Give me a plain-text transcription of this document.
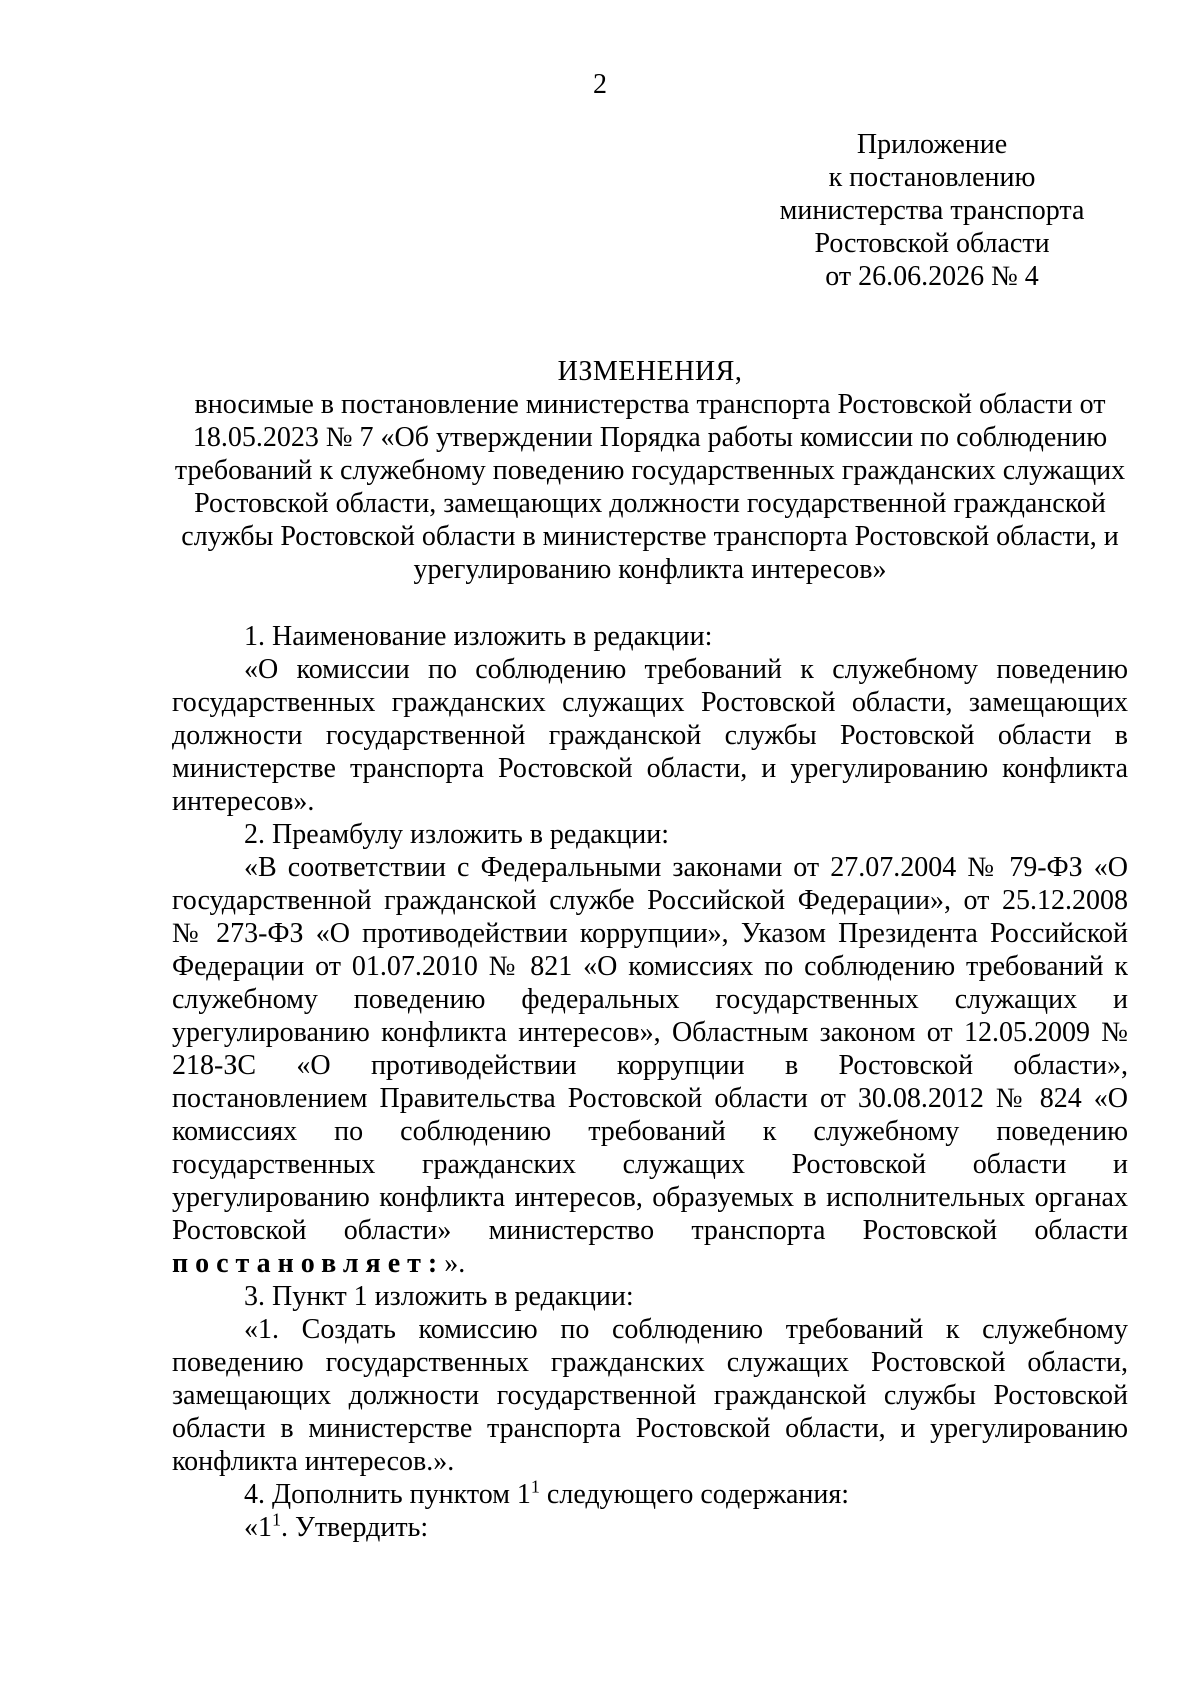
2
Приложение
к постановлению
министерства транспорта
Ростовской области
от 26.06.2026 № 4
ИЗМЕНЕНИЯ,

вносимые в постановление министерства транспорта Ростовской области от 18.05.2023 № 7 «Об утверждении Порядка работы комиссии по соблюдению требований к служебному поведению государственных гражданских служащих Ростовской области, замещающих должности государственной гражданской службы Ростовской области в министерстве транспорта Ростовской области, и урегулированию конфликта интересов»

1. Наименование изложить в редакции:

«О комиссии по соблюдению требований к служебному поведению государственных гражданских служащих Ростовской области, замещающих должности государственной гражданской службы Ростовской области в министерстве транспорта Ростовской области, и урегулированию конфликта интересов».

2. Преамбулу изложить в редакции:

«В соответствии с Федеральными законами от 27.07.2004 № 79-ФЗ «О государственной гражданской службе Российской Федерации», от 25.12.2008 № 273-ФЗ «О противодействии коррупции», Указом Президента Российской Федерации от 01.07.2010 № 821 «О комиссиях по соблюдению требований к служебному поведению федеральных государственных служащих и урегулированию конфликта интересов», Областным законом от 12.05.2009 № 218-ЗС «О противодействии коррупции в Ростовской области», постановлением Правительства Ростовской области от 30.08.2012 № 824 «О комиссиях по соблюдению требований к служебному поведению государственных гражданских служащих Ростовской области и урегулированию конфликта интересов, образуемых в исполнительных органах Ростовской области» министерство транспорта Ростовской области постановляет:».

3. Пункт 1 изложить в редакции:

«1. Создать комиссию по соблюдению требований к служебному поведению государственных гражданских служащих Ростовской области, замещающих должности государственной гражданской службы Ростовской области в министерстве транспорта Ростовской области, и урегулированию конфликта интересов.».

4. Дополнить пунктом $1^1$ следующего содержания:

«$1^1$. Утвердить:
